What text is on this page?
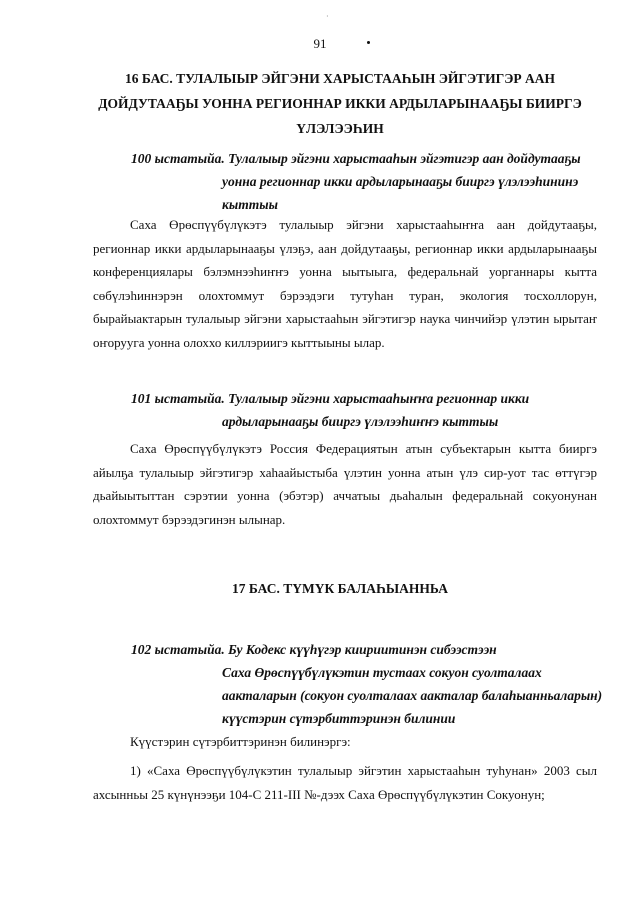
·
91
16 БАС. ТУЛАЛЫЫР ЭЙГЭНИ ХАРЫСТААҺЫН ЭЙГЭТИГЭР ААН
ДОЙДУТААҔЫ УОННА РЕГИОННАР ИККИ АРДЫЛАРЫНААҔЫ БИИРГЭ
ҮЛЭЛЭЭҺИН
100 ыстатыйа. Тулалыыр эйгэни харыстааһын эйгэтигэр аан дойдутааҕы
уонна регионнар икки ардыларынааҕы бииргэ үлэлээһининэ
кыттыы
Саха Өрөспүүбүлүкэтэ тулалыыр эйгэни харыстааһыҥҥа аан дойдутааҕы,
регионнар икки ардыларынааҕы үлэҕэ, аан дойдутааҕы, регионнар икки ардыларынааҕы
конференциялары бэлэмнээһиҥҥэ уонна ыытыыга, федеральнай уорганнары кытта
сөбүлэһиннэрэн олохтоммут бэрээдэги тутуһан туран, экология тосхоллорун,
бырайыактарын тулалыыр эйгэни харыстааһын эйгэтигэр наука чинчийэр үлэтин ырытаҥ
оҥорууга уонна олоххо киллэриигэ кыттыыны ылар.
101 ыстатыйа. Тулалыыр эйгэни харыстааһыҥҥа регионнар икки
ардыларынааҕы бииргэ үлэлээһиҥҥэ кыттыы
Саха Өрөспүүбүлүкэтэ Россия Федерациятын атын субъектарын кытта бииргэ
айылҕа тулалыыр эйгэтигэр хаһаайыстыба үлэтин уонна атын үлэ сир-уот тас өттүгэр
дьайыытыттан сэрэтии уонна (эбэтэр) аччатыы дьаһалын федеральнай сокуонунан
олохтоммут бэрээдэгинэн ылынар.
17 БАС. ТҮМҮК БАЛАҺЫАННЬА
102 ыстатыйа. Бу Кодекс күүһүгэр киириитинэн сибээстээн
Саха Өрөспүүбүлүкэтин тустаах сокуон суолталаах
аакталарын (сокуон суолталаах аакталар балаһыанньаларын)
күүстэрин сүтэрбиттэринэн билинии
Күүстэрин сүтэрбиттэринэн билинэргэ:
1) «Саха Өрөспүүбүлүкэтин тулалыыр эйгэтин харыстааһын туһунан» 2003 сыл
ахсынньы 25 күнүнээҕи 104-С 211-III №-дээх Саха Өрөспүүбүлүкэтин Сокуонун;
